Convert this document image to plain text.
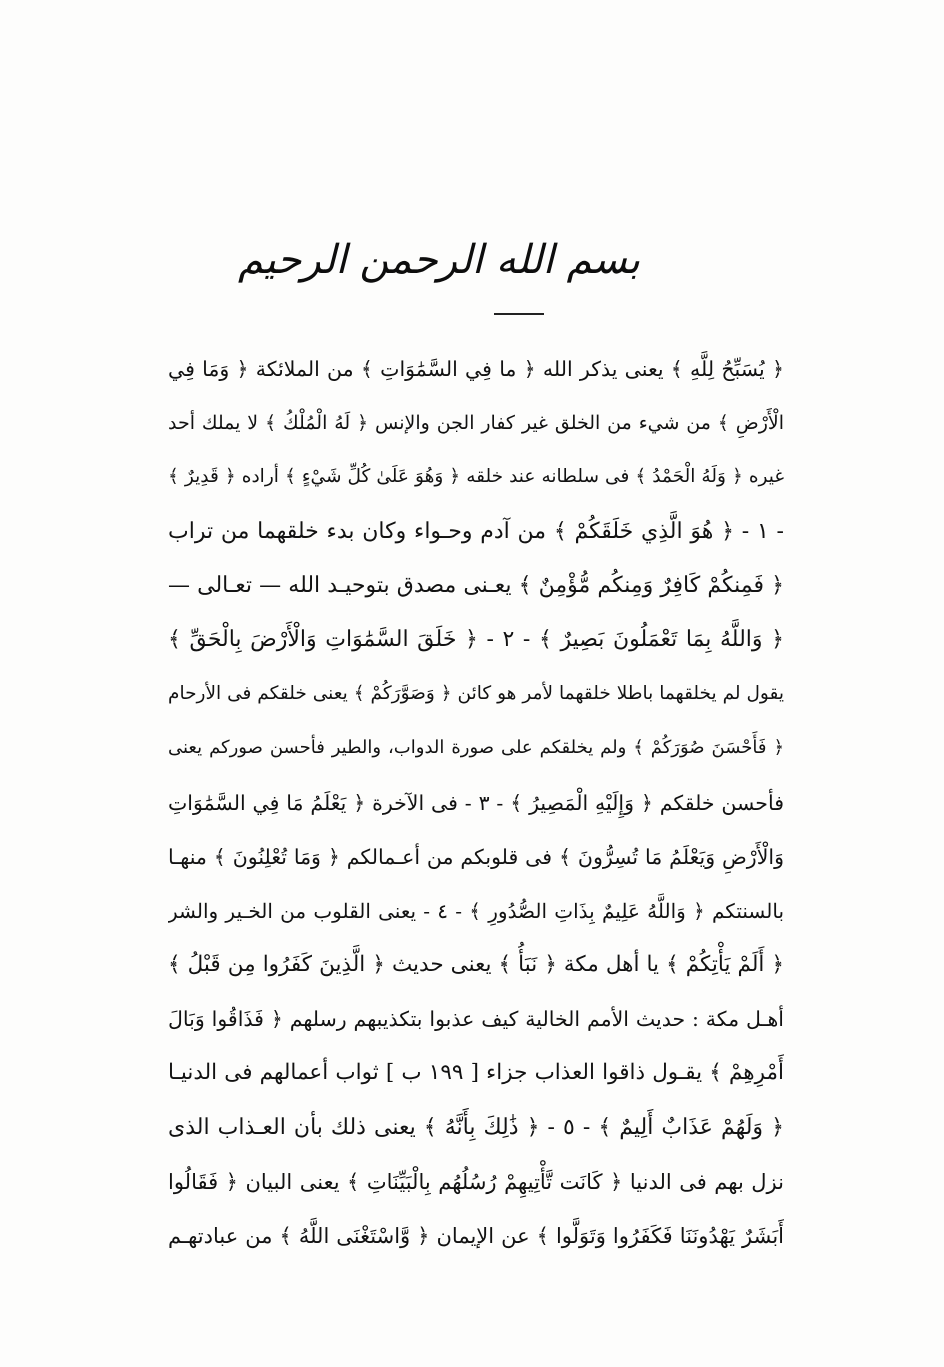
بسم الله الرحمن الرحيم
﴿ يُسَبِّحُ لِلَّهِ ﴾ يعنى يذكر الله ﴿ ما فِي السَّمَٰوَاتِ ﴾ من الملائكة ﴿ وَمَا فِي
الْأَرْضِ ﴾ من شيء من الخلق غير كفار الجن والإنس ﴿ لَهُ الْمُلْكُ ﴾ لا يملك أحد
غيره ﴿ وَلَهُ الْحَمْدُ ﴾ فى سلطانه عند خلقه ﴿ وَهُوَ عَلَىٰ كُلِّ شَيْءٍ ﴾ أراده ﴿ قَدِيرٌ ﴾
- ١ - ﴿ هُوَ الَّذِي خَلَقَكُمْ ﴾ من آدم وحـواء وكان بدء خلقهما من تراب
﴿ فَمِنكُمْ كَافِرٌ وَمِنكُم مُّؤْمِنٌ ﴾ يعـنى مصدق بتوحيـد الله — تعـالى —
﴿ وَاللَّهُ بِمَا تَعْمَلُونَ بَصِيرٌ ﴾ - ٢ - ﴿ خَلَقَ السَّمَٰوَاتِ وَالْأَرْضَ بِالْحَقِّ ﴾
يقول لم يخلقهما باطلا خلقهما لأمر هو كائن ﴿ وَصَوَّرَكُمْ ﴾ يعنى خلقكم فى الأرحام
﴿ فَأَحْسَنَ صُوَرَكُمْ ﴾ ولم يخلقكم على صورة الدواب، والطير فأحسن صوركم يعنى
فأحسن خلقكم ﴿ وَإِلَيْهِ الْمَصِيرُ ﴾ - ٣ - فى الآخرة ﴿ يَعْلَمُ مَا فِي السَّمَٰوَاتِ
وَالْأَرْضِ وَيَعْلَمُ مَا تُسِرُّونَ ﴾ فى قلوبكم من أعـمالكم ﴿ وَمَا تُعْلِنُونَ ﴾ منهـا
بالسنتكم ﴿ وَاللَّهُ عَلِيمٌ بِذَاتِ الصُّدُورِ ﴾ - ٤ - يعنى القلوب من الخـير والشر
﴿ أَلَمْ يَأْتِكُمْ ﴾ يا أهل مكة ﴿ نَبَأُ ﴾ يعنى حديث ﴿ الَّذِينَ كَفَرُوا مِن قَبْلُ ﴾
أهـل مكة : حديث الأمم الخالية كيف عذبوا بتكذيبهم رسلهم ﴿ فَذَاقُوا وَبَالَ
أَمْرِهِمْ ﴾ يقـول ذاقوا العذاب جزاء [ ١٩٩ ب ] ثواب أعمالهم فى الدنيـا
﴿ وَلَهُمْ عَذَابٌ أَلِيمٌ ﴾ - ٥ - ﴿ ذَٰلِكَ بِأَنَّهُ ﴾ يعنى ذلك بأن العـذاب الذى
نزل بهم فى الدنيا ﴿ كَانَت تَّأْتِيهِمْ رُسُلُهُم بِالْبَيِّنَاتِ ﴾ يعنى البيان ﴿ فَقَالُوا
أَبَشَرٌ يَهْدُونَنَا فَكَفَرُوا وَتَوَلَّوا ﴾ عن الإيمان ﴿ وَّاسْتَغْنَى اللَّهُ ﴾ من عبادتهـم
